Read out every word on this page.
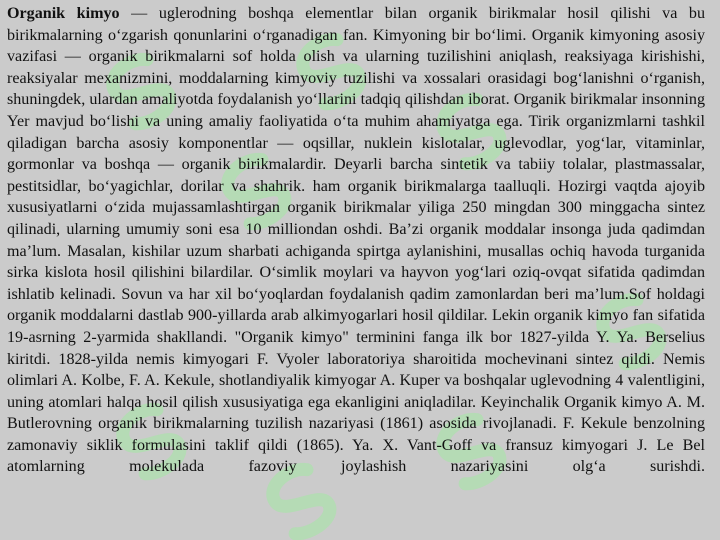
Organik kimyo — uglerodning boshqa elementlar bilan organik birikmalar hosil qilishi va bu birikmalarning o‘zgarish qonunlarini o‘rganadigan fan. Kimyoning bir bo‘limi. Organik kimyoning asosiy vazifasi — organik birikmalarni sof holda olish va ularning tuzilishini aniqlash, reaksiyaga kirishishi, reaksiyalar mexanizmini, moddalarning kimyoviy tuzilishi va xossalari orasidagi bog‘lanishni o‘rganish, shuningdek, ulardan amaliyotda foydalanish yo‘llarini tadqiq qilishdan iborat. Organik birikmalar insonning Yer mavjud bo‘lishi va uning amaliy faoliyatida o‘ta muhim ahamiyatga ega. Tirik organizmlarni tashkil qiladigan barcha asosiy komponentlar — oqsillar, nuklein kislotalar, uglevodlar, yog‘lar, vitaminlar, gormonlar va boshqa — organik birikmalardir. Deyarli barcha sintetik va tabiiy tolalar, plastmassalar, pestitsidlar, bo‘yagichlar, dorilar va shahrik. ham organik birikmalarga taalluqli. Hozirgi vaqtda ajoyib xususiyatlarni o‘zida mujassamlashtirgan organik birikmalar yiliga 250 mingdan 300 minggacha sintez qilinadi, ularning umumiy soni esa 10 milliondan oshdi. Ba’zi organik moddalar insonga juda qadimdan ma’lum. Masalan, kishilar uzum sharbati achiganda spirtga aylanishini, musallas ochiq havoda turganida sirka kislota hosil qilishini bilardilar. O‘simlik moylari va hayvon yog‘lari oziq-ovqat sifatida qadimdan ishlatib kelinadi. Sovun va har xil bo‘yoqlardan foydalanish qadim zamonlardan beri ma’lum.Sof holdagi organik moddalarni dastlab 900-yillarda arab alkimyogarlari hosil qildilar. Lekin organik kimyo fan sifatida 19-asrning 2-yarmida shakllandi. "Organik kimyo" terminini fanga ilk bor 1827-yilda Y. Ya. Berselius kiritdi. 1828-yilda nemis kimyogari F. Vyoler laboratoriya sharoitida mochevinani sintez qildi. Nemis olimlari A. Kolbe, F. A. Kekule, shotlandiyalik kimyogar A. Kuper va boshqalar uglevodning 4 valentligini, uning atomlari halqa hosil qilish xususiyatiga ega ekanligini aniqladilar. Keyinchalik Organik kimyo A. M. Butlerovning organik birikmalarning tuzilish nazariyasi (1861) asosida rivojlanadi. F. Kekule benzolning zamonaviy siklik formulasini taklif qildi (1865). Ya. X. Vant-Goff va fransuz kimyogari J. Le Bel atomlarning molekulada fazoviy joylashish nazariyasini olg‘a surishdi.
